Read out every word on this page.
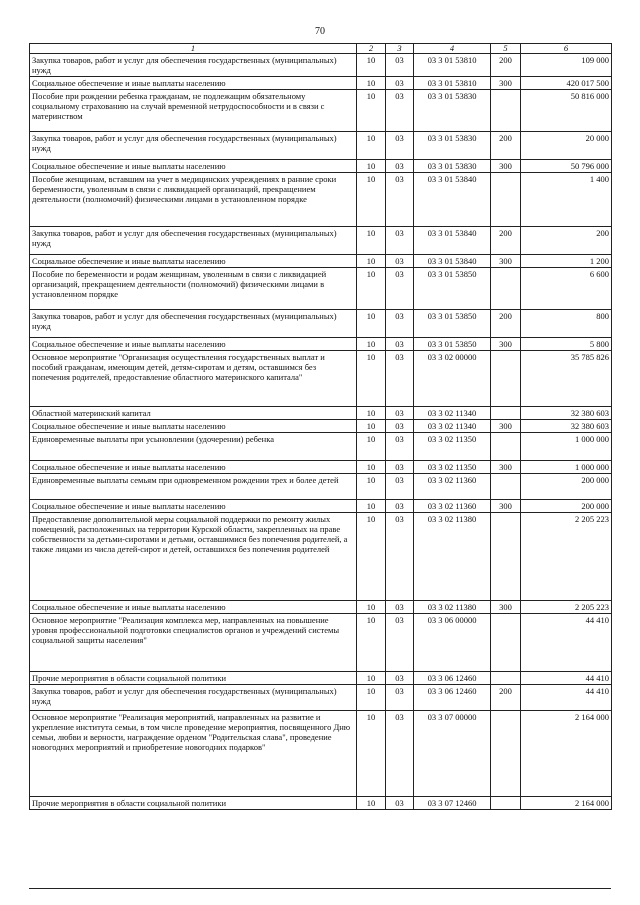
70
1	2	3	4	5	6
Закупка товаров, работ и услуг для обеспечения государственных (муниципальных) нужд	10	03	03 3 01 53810	200	109 000
Социальное обеспечение и иные выплаты населению	10	03	03 3 01 53810	300	420 017 500
Пособие при рождении ребенка гражданам, не подлежащим обязательному социальному страхованию на случай временной нетрудоспособности и в связи с материнством	10	03	03 3 01 53830		50 816 000
Закупка товаров, работ и услуг для обеспечения государственных (муниципальных) нужд	10	03	03 3 01 53830	200	20 000
Социальное обеспечение и иные выплаты населению	10	03	03 3 01 53830	300	50 796 000
Пособие женщинам, вставшим на учет в медицинских учреждениях в ранние сроки беременности, уволенным в связи с ликвидацией организаций, прекращением деятельности (полномочий) физическими лицами в установленном порядке	10	03	03 3 01 53840		1 400
Закупка товаров, работ и услуг для обеспечения государственных (муниципальных) нужд	10	03	03 3 01 53840	200	200
Социальное обеспечение и иные выплаты населению	10	03	03 3 01 53840	300	1 200
Пособие по беременности и родам женщинам, уволенным в связи с ликвидацией организаций, прекращением деятельности (полномочий) физическими лицами в установленном порядке	10	03	03 3 01 53850		6 600
Закупка товаров, работ и услуг для обеспечения государственных (муниципальных) нужд	10	03	03 3 01 53850	200	800
Социальное обеспечение и иные выплаты населению	10	03	03 3 01 53850	300	5 800
Основное мероприятие "Организация осуществления государственных выплат и пособий гражданам, имеющим детей, детям-сиротам и детям, оставшимся без попечения родителей, предоставление областного материнского капитала"	10	03	03 3 02 00000		35 785 826
Областной материнский капитал	10	03	03 3 02 11340		32 380 603
Социальное обеспечение и иные выплаты населению	10	03	03 3 02 11340	300	32 380 603
Единовременные выплаты при усыновлении (удочерении) ребенка	10	03	03 3 02 11350		1 000 000
Социальное обеспечение и иные выплаты населению	10	03	03 3 02 11350	300	1 000 000
Единовременные выплаты семьям при одновременном рождении трех и более детей	10	03	03 3 02 11360		200 000
Социальное обеспечение и иные выплаты населению	10	03	03 3 02 11360	300	200 000
Предоставление дополнительной меры социальной поддержки по ремонту жилых помещений, расположенных на территории Курской области, закрепленных на праве собственности за детьми-сиротами и детьми, оставшимися без попечения родителей, а также лицами из числа детей-сирот и детей, оставшихся без попечения родителей	10	03	03 3 02 11380		2 205 223
Социальное обеспечение и иные выплаты населению	10	03	03 3 02 11380	300	2 205 223
Основное мероприятие "Реализация комплекса мер, направленных на повышение уровня профессиональной подготовки специалистов органов и учреждений системы социальной защиты населения"	10	03	03 3 06 00000		44 410
Прочие мероприятия в области социальной политики	10	03	03 3 06 12460		44 410
Закупка товаров, работ и услуг для обеспечения государственных (муниципальных) нужд	10	03	03 3 06 12460	200	44 410
Основное мероприятие "Реализация мероприятий, направленных на развитие и укрепление института семьи, в том числе проведение мероприятия, посвященного Дню семьи, любви и верности, награждение орденом "Родительская слава", проведение новогодних мероприятий и приобретение новогодних подарков"	10	03	03 3 07 00000		2 164 000
Прочие мероприятия в области социальной политики	10	03	03 3 07 12460		2 164 000
